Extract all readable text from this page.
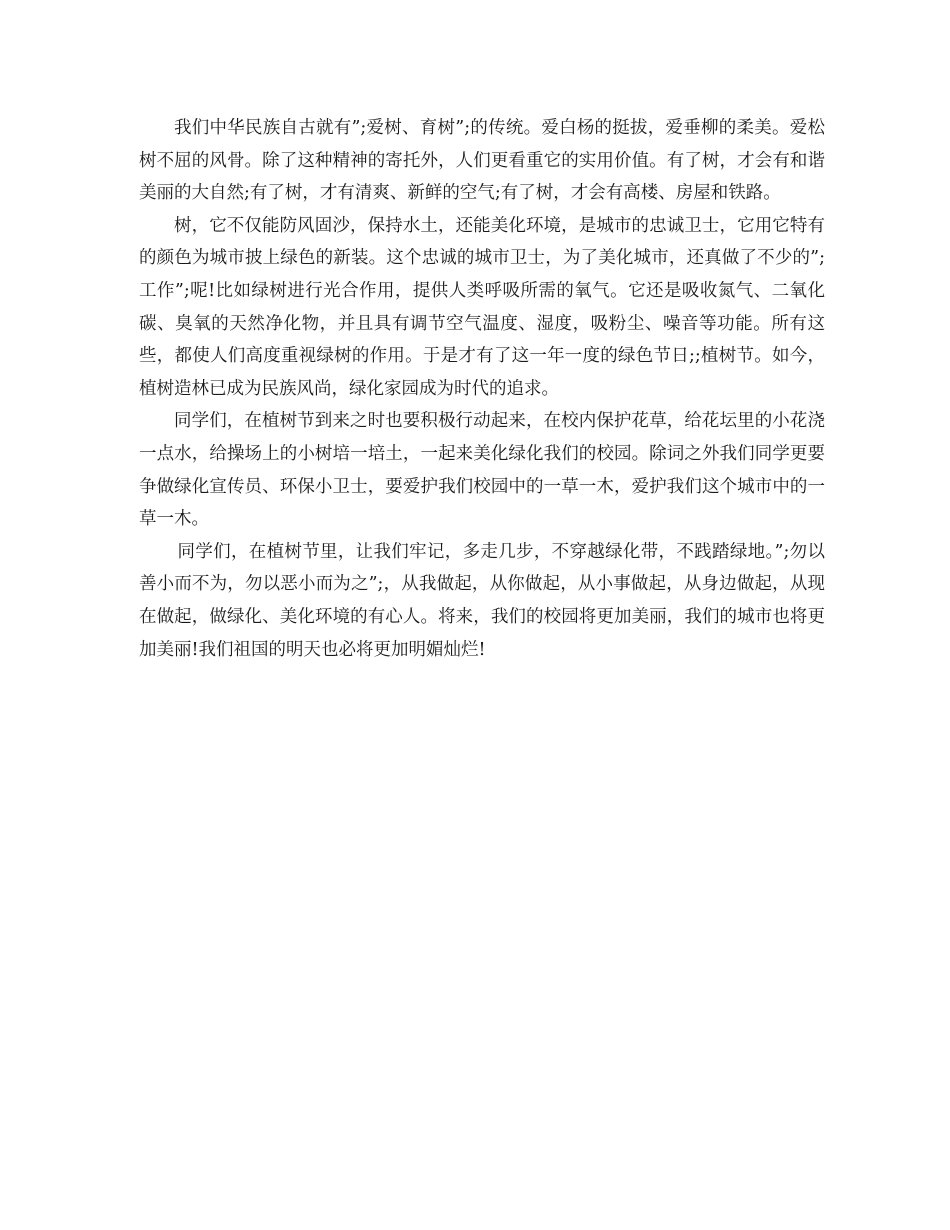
我们中华民族自古就有”;爱树、育树”;的传统。爱白杨的挺拔，爱垂柳的柔美。爱松树不屈的风骨。除了这种精神的寄托外，人们更看重它的实用价值。有了树，才会有和谐美丽的大自然;有了树，才有清爽、新鲜的空气;有了树，才会有高楼、房屋和铁路。

树，它不仅能防风固沙，保持水土，还能美化环境，是城市的忠诚卫士，它用它特有的颜色为城市披上绿色的新装。这个忠诚的城市卫士，为了美化城市，还真做了不少的”;工作”;呢!比如绿树进行光合作用，提供人类呼吸所需的氧气。它还是吸收氮气、二氧化碳、臭氧的天然净化物，并且具有调节空气温度、湿度，吸粉尘、噪音等功能。所有这些，都使人们高度重视绿树的作用。于是才有了这一年一度的绿色节日;;植树节。如今，植树造林已成为民族风尚，绿化家园成为时代的追求。

同学们，在植树节到来之时也要积极行动起来，在校内保护花草，给花坛里的小花浇一点水，给操场上的小树培一培土，一起来美化绿化我们的校园。除词之外我们同学更要争做绿化宣传员、环保小卫士，要爱护我们校园中的一草一木，爱护我们这个城市中的一草一木。

同学们，在植树节里，让我们牢记，多走几步，不穿越绿化带，不践踏绿地。”;勿以善小而不为，勿以恶小而为之”;，从我做起，从你做起，从小事做起，从身边做起，从现在做起，做绿化、美化环境的有心人。将来，我们的校园将更加美丽，我们的城市也将更加美丽!我们祖国的明天也必将更加明媚灿烂!
